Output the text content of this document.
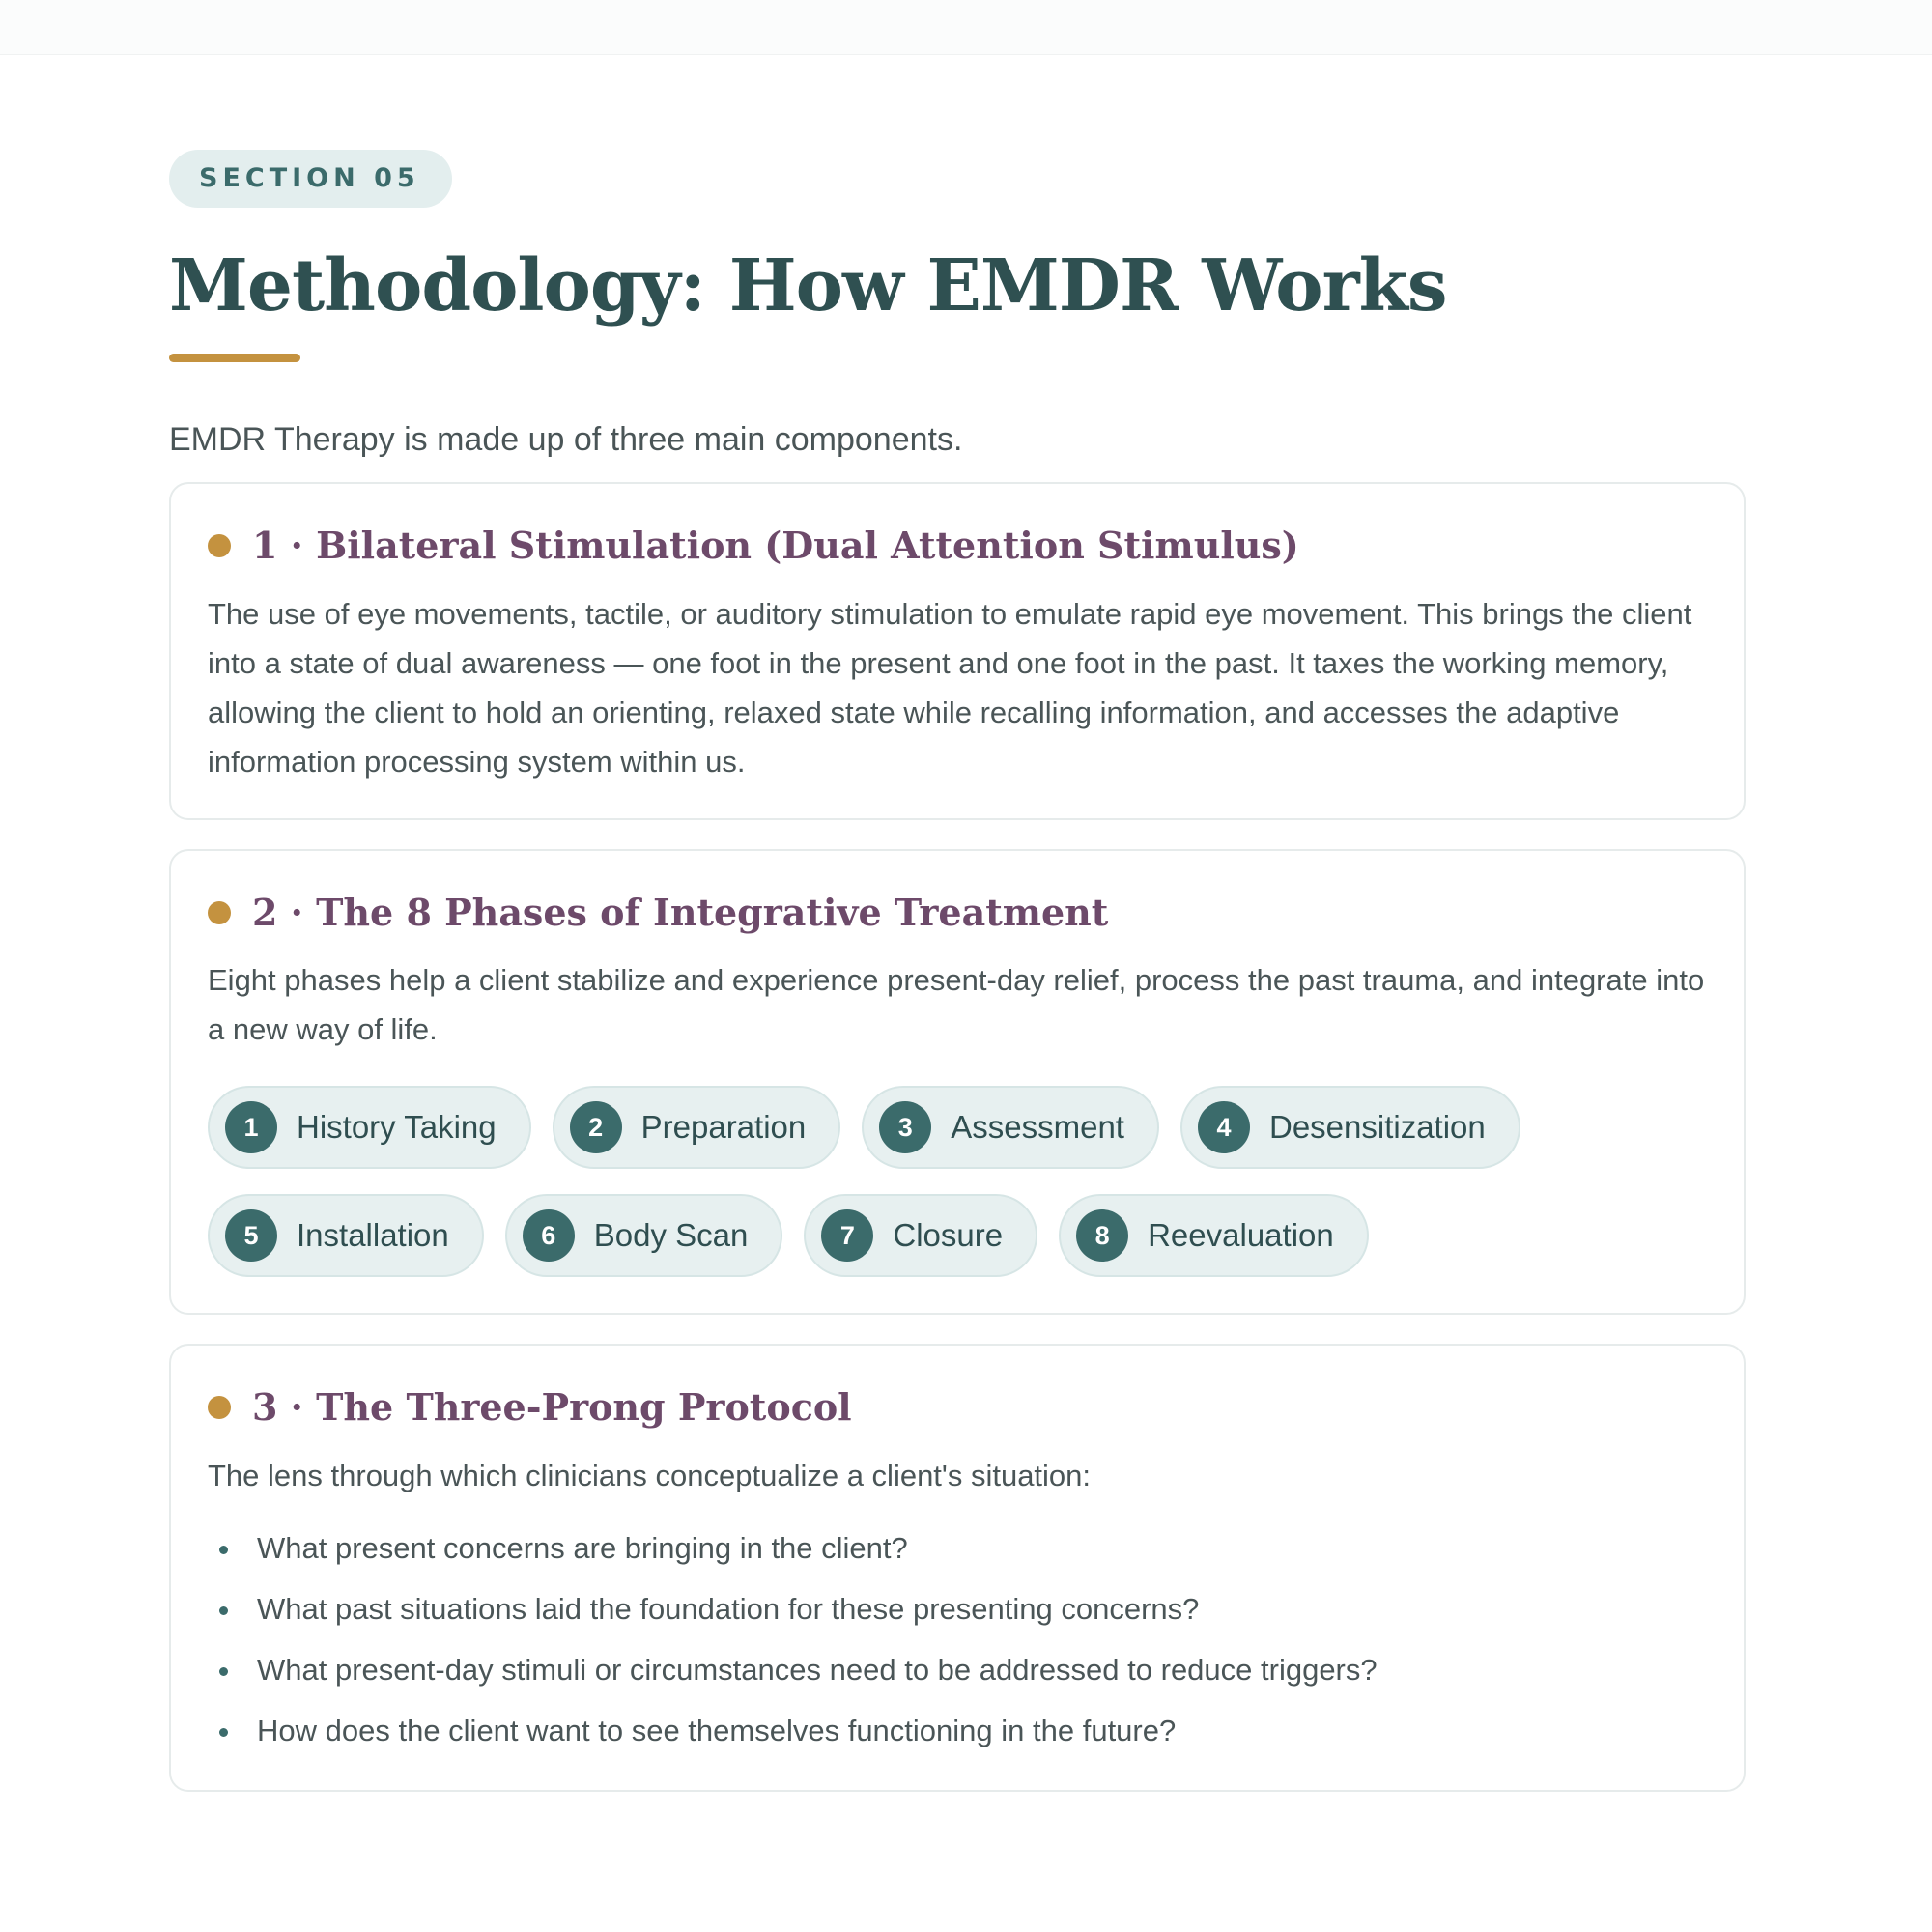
SECTION 05
Methodology: How EMDR Works

EMDR Therapy is made up of three main components.

1 · Bilateral Stimulation (Dual Attention Stimulus)

The use of eye movements, tactile, or auditory stimulation to emulate rapid eye movement. This brings the client into a state of dual awareness — one foot in the present and one foot in the past. It taxes the working memory, allowing the client to hold an orienting, relaxed state while recalling information, and accesses the adaptive information processing system within us.

2 · The 8 Phases of Integrative Treatment

Eight phases help a client stabilize and experience present-day relief, process the past trauma, and integrate into a new way of life.

1	History Taking	2	Preparation	3	Assessment	4	Desensitization
5	Installation	6	Body Scan	7	Closure	8	Reevaluation
3 · The Three-Prong Protocol

The lens through which clinicians conceptualize a client's situation:

What present concerns are bringing in the client?
What past situations laid the foundation for these presenting concerns?
What present-day stimuli or circumstances need to be addressed to reduce triggers?
How does the client want to see themselves functioning in the future?
